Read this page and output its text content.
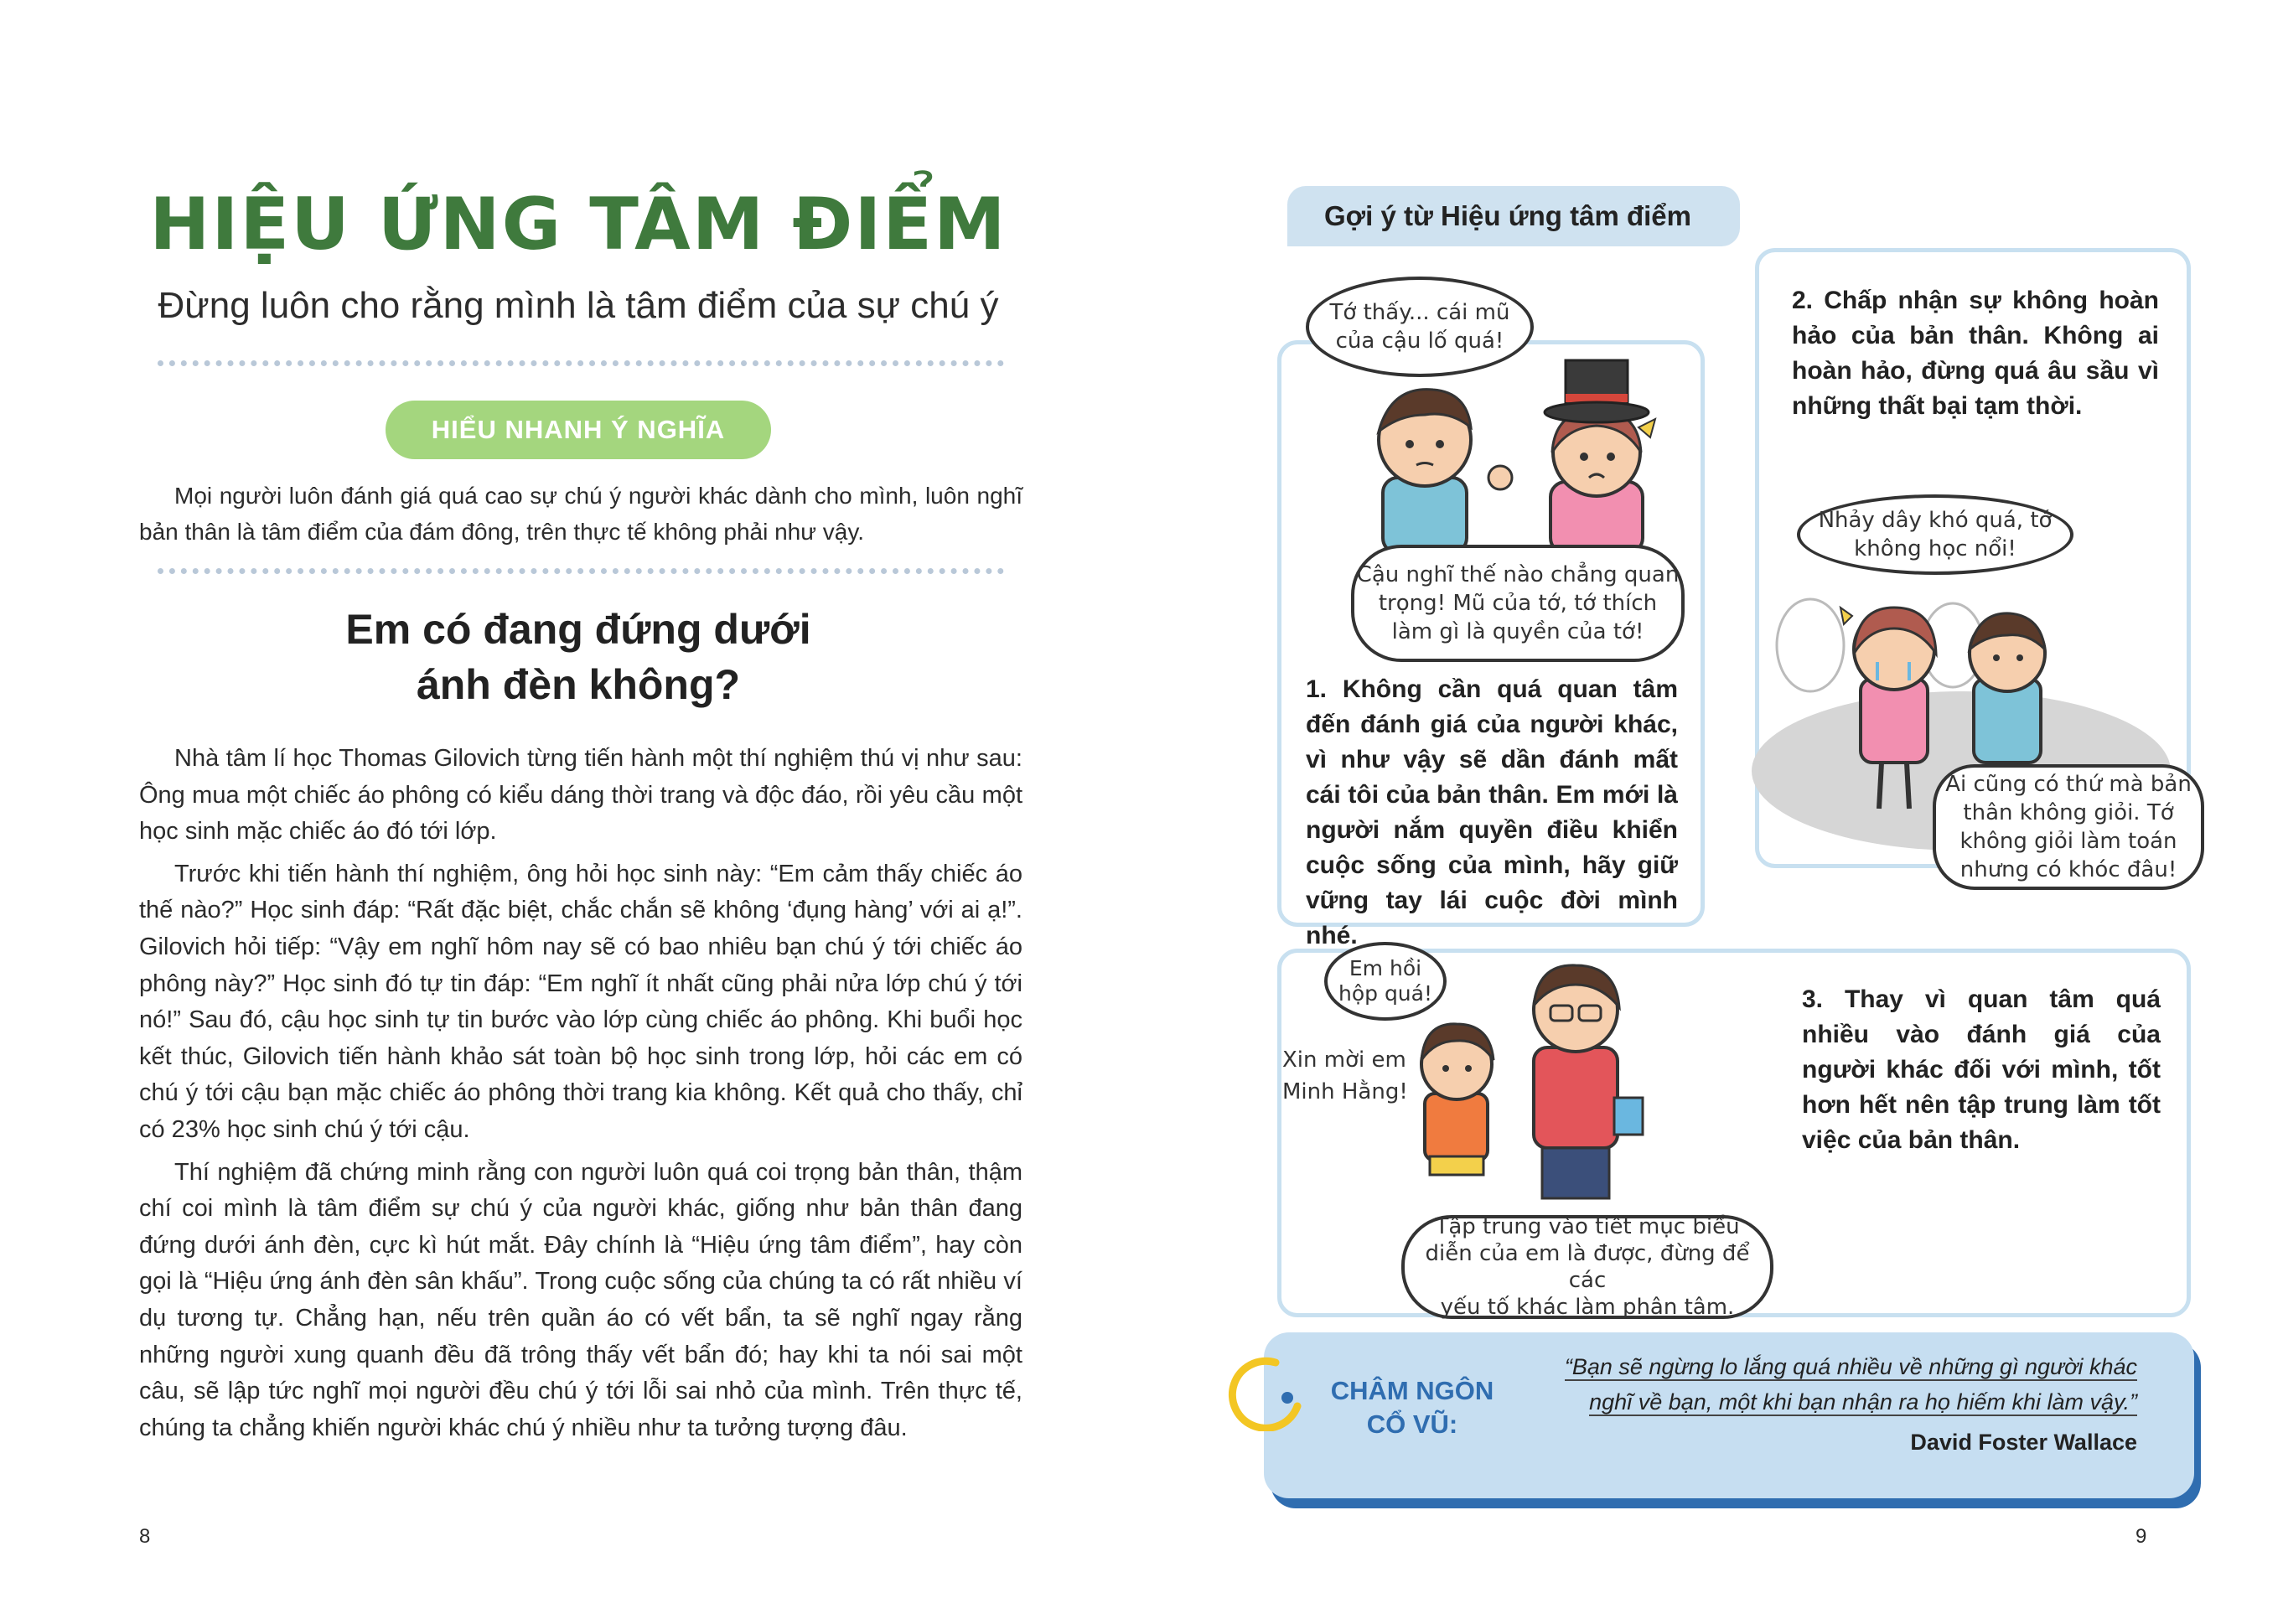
HIỆU ỨNG TÂM ĐIỂM
Đừng luôn cho rằng mình là tâm điểm của sự chú ý
HIỂU NHANH Ý NGHĨA
Mọi người luôn đánh giá quá cao sự chú ý người khác dành cho mình, luôn nghĩ bản thân là tâm điểm của đám đông, trên thực tế không phải như vậy.
Em có đang đứng dưới
ánh đèn không?

Nhà tâm lí học Thomas Gilovich từng tiến hành một thí nghiệm thú vị như sau: Ông mua một chiếc áo phông có kiểu dáng thời trang và độc đáo, rồi yêu cầu một học sinh mặc chiếc áo đó tới lớp.

Trước khi tiến hành thí nghiệm, ông hỏi học sinh này: “Em cảm thấy chiếc áo thế nào?” Học sinh đáp: “Rất đặc biệt, chắc chắn sẽ không ‘đụng hàng’ với ai ạ!”. Gilovich hỏi tiếp: “Vậy em nghĩ hôm nay sẽ có bao nhiêu bạn chú ý tới chiếc áo phông này?” Học sinh đó tự tin đáp: “Em nghĩ ít nhất cũng phải nửa lớp chú ý tới nó!” Sau đó, cậu học sinh tự tin bước vào lớp cùng chiếc áo phông. Khi buổi học kết thúc, Gilovich tiến hành khảo sát toàn bộ học sinh trong lớp, hỏi các em có chú ý tới cậu bạn mặc chiếc áo phông thời trang kia không. Kết quả cho thấy, chỉ có 23% học sinh chú ý tới cậu.

Thí nghiệm đã chứng minh rằng con người luôn quá coi trọng bản thân, thậm chí coi mình là tâm điểm sự chú ý của người khác, giống như bản thân đang đứng dưới ánh đèn, cực kì hút mắt. Đây chính là “Hiệu ứng tâm điểm”, hay còn gọi là “Hiệu ứng ánh đèn sân khấu”. Trong cuộc sống của chúng ta có rất nhiều ví dụ tương tự. Chẳng hạn, nếu trên quần áo có vết bẩn, ta sẽ nghĩ ngay rằng những người xung quanh đều đã trông thấy vết bẩn đó; hay khi ta nói sai một câu, sẽ lập tức nghĩ mọi người đều chú ý tới lỗi sai nhỏ của mình. Trên thực tế, chúng ta chẳng khiến người khác chú ý nhiều như ta tưởng tượng đâu.

8
Gợi ý từ Hiệu ứng tâm điểm
Tớ thấy... cái mũ
của cậu lố quá!
Cậu nghĩ thế nào chẳng quan
trọng! Mũ của tớ, tớ thích
làm gì là quyền của tớ!
Nhảy dây khó quá, tớ
không học nổi!
Ai cũng có thứ mà bản
thân không giỏi. Tớ
không giỏi làm toán
nhưng có khóc đâu!
Em hồi
hộp quá!
Tập trung vào tiết mục biểu
diễn của em là được, đừng để các
yếu tố khác làm phân tâm.
Xin mời em
Minh Hằng!
1. Không cần quá quan tâm đến đánh giá của người khác, vì như vậy sẽ dần đánh mất cái tôi của bản thân. Em mới là người nắm quyền điều khiển cuộc sống của mình, hãy giữ vững tay lái cuộc đời mình nhé.
2. Chấp nhận sự không hoàn hảo của bản thân. Không ai hoàn hảo, đừng quá âu sầu vì những thất bại tạm thời.
3. Thay vì quan tâm quá nhiều vào đánh giá của người khác đối với mình, tốt hơn hết nên tập trung làm tốt việc của bản thân.
CHÂM NGÔN
CỔ VŨ:
“Bạn sẽ ngừng lo lắng quá nhiều về những gì người khác
nghĩ về bạn, một khi bạn nhận ra họ hiếm khi làm vậy.”
David Foster Wallace
9
